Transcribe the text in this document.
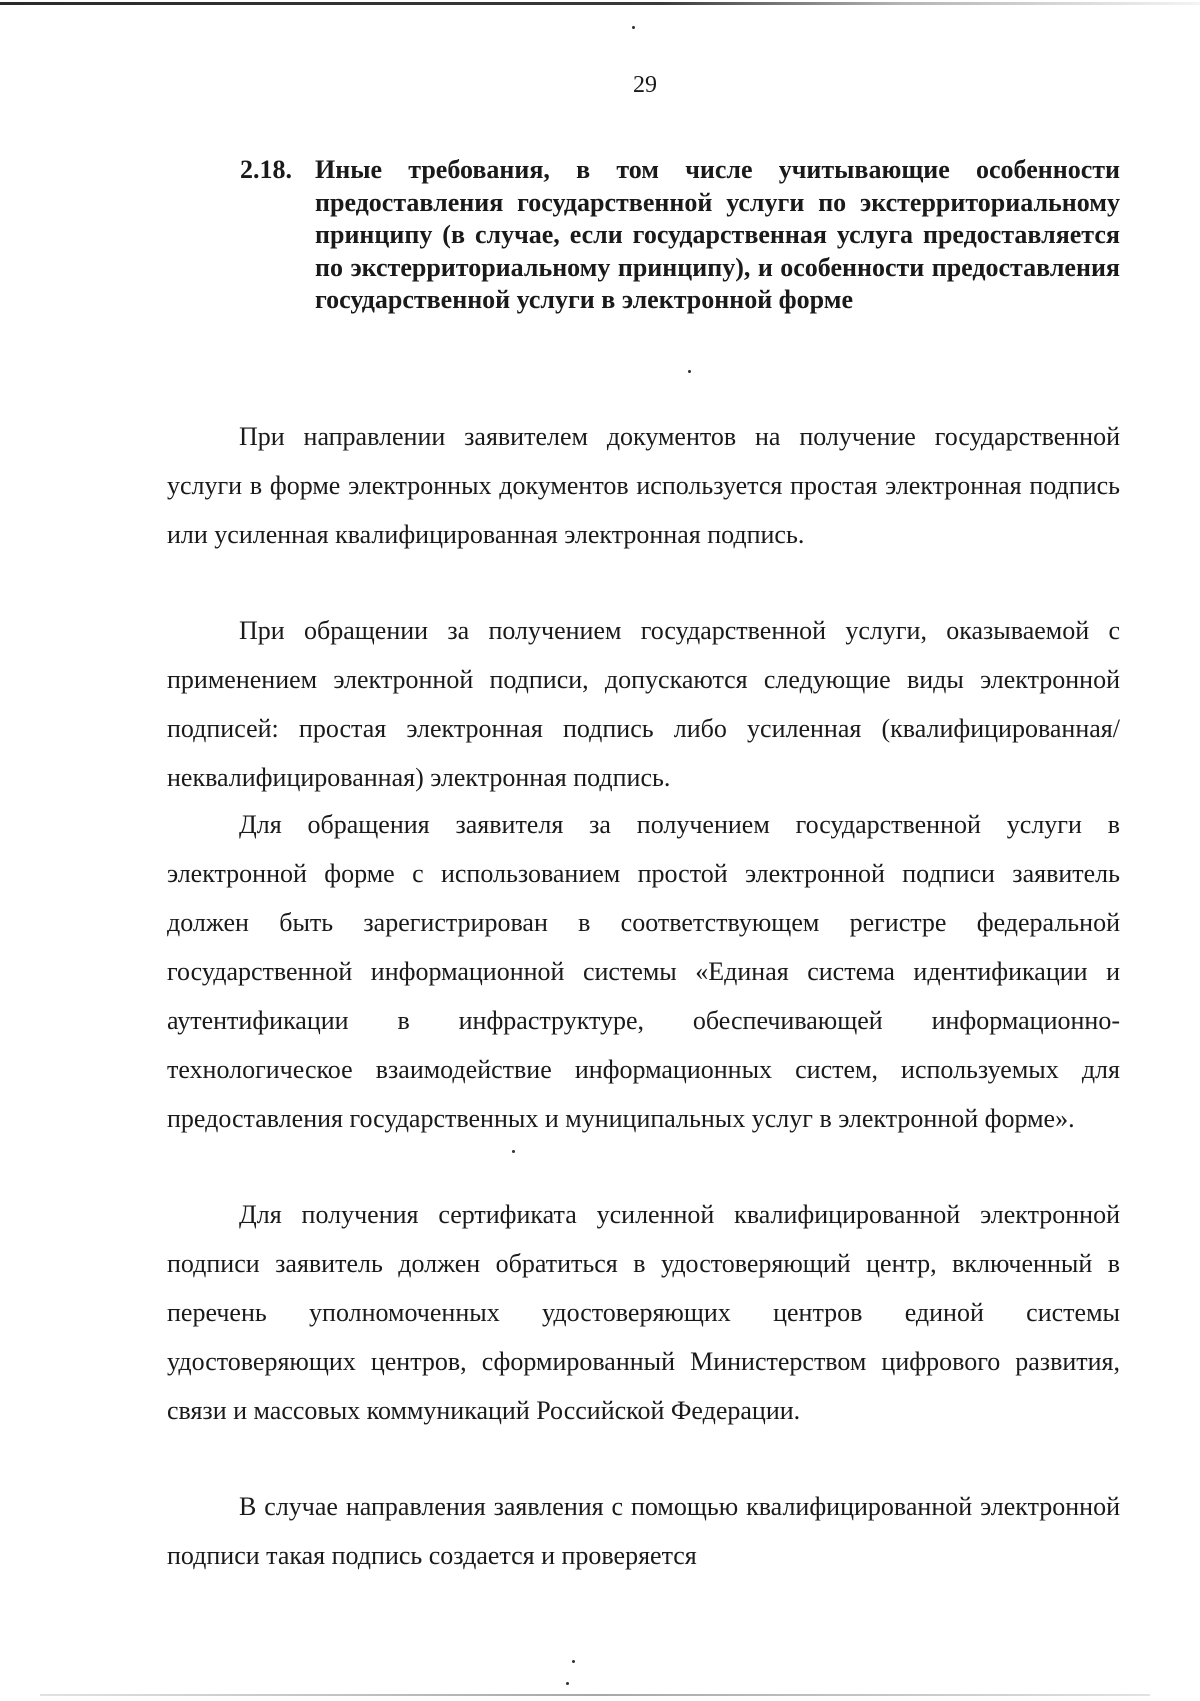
29
2.18. Иные требования, в том числе учитывающие особенности предоставления государственной услуги по экстерриториальному принципу (в случае, если государственная услуга предоставляется по экстерриториальному принципу), и особенности предоставления государственной услуги в электронной форме

При направлении заявителем документов на получение государственной услуги в форме электронных документов используется простая электронная подпись или усиленная квалифицированная электронная подпись.

При обращении за получением государственной услуги, оказываемой с применением электронной подписи, допускаются следующие виды электронной подписей: простая электронная подпись либо усиленная (квалифицированная/неквалифицированная) электронная подпись.

Для обращения заявителя за получением государственной услуги в электронной форме с использованием простой электронной подписи заявитель должен быть зарегистрирован в соответствующем регистре федеральной государственной информационной системы «Единая система идентификации и аутентификации в инфраструктуре, обеспечивающей информационно-технологическое взаимодействие информационных систем, используемых для предоставления государственных и муниципальных услуг в электронной форме».

Для получения сертификата усиленной квалифицированной электронной подписи заявитель должен обратиться в удостоверяющий центр, включенный в перечень уполномоченных удостоверяющих центров единой системы удостоверяющих центров, сформированный Министерством цифрового развития, связи и массовых коммуникаций Российской Федерации.

В случае направления заявления с помощью квалифицированной электронной подписи такая подпись создается и проверяется
